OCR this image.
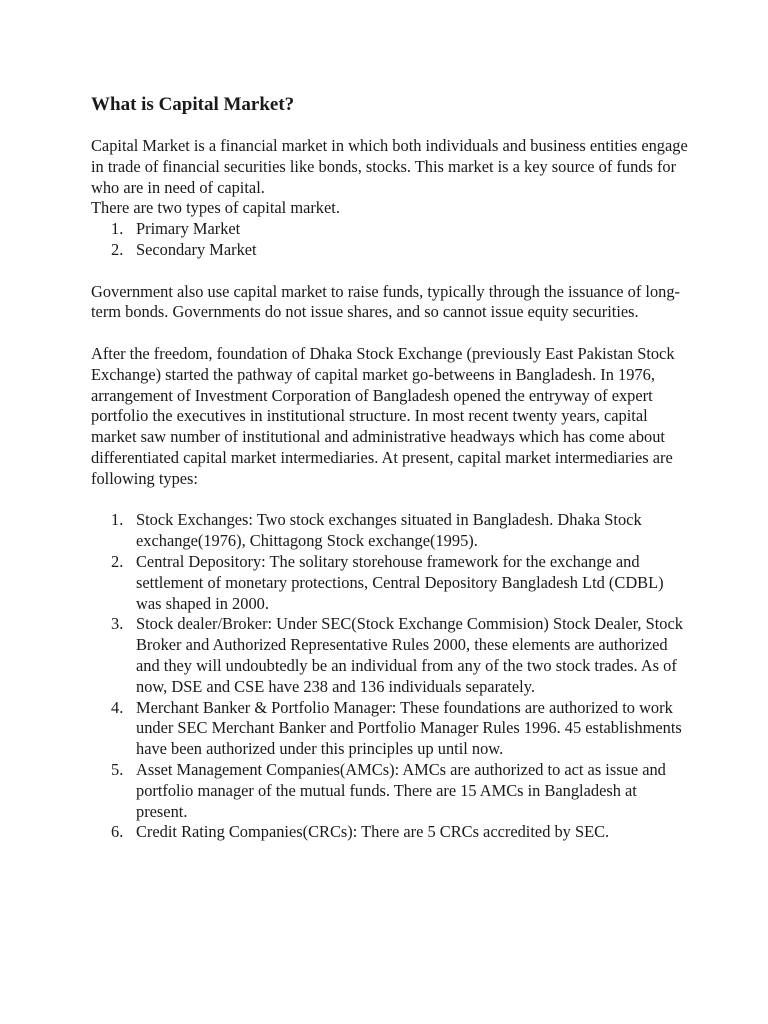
What is Capital Market?

Capital Market is a financial market in which both individuals and business entities engage in trade of financial securities like bonds, stocks. This market is a key source of funds for who are in need of capital.

There are two types of capital market.

1. Primary Market
2. Secondary Market

Government also use capital market to raise funds, typically through the issuance of long-term bonds. Governments do not issue shares, and so cannot issue equity securities.

After the freedom, foundation of Dhaka Stock Exchange (previously East Pakistan Stock Exchange) started the pathway of capital market go-betweens in Bangladesh. In 1976, arrangement of Investment Corporation of Bangladesh opened the entryway of expert portfolio the executives in institutional structure. In most recent twenty years, capital market saw number of institutional and administrative headways which has come about differentiated capital market intermediaries. At present, capital market intermediaries are following types:

1. Stock Exchanges: Two stock exchanges situated in Bangladesh. Dhaka Stock exchange(1976), Chittagong Stock exchange(1995).
2. Central Depository: The solitary storehouse framework for the exchange and settlement of monetary protections, Central Depository Bangladesh Ltd (CDBL) was shaped in 2000.
3. Stock dealer/Broker: Under SEC(Stock Exchange Commision) Stock Dealer, Stock Broker and Authorized Representative Rules 2000, these elements are authorized and they will undoubtedly be an individual from any of the two stock trades. As of now, DSE and CSE have 238 and 136 individuals separately.
4. Merchant Banker & Portfolio Manager: These foundations are authorized to work under SEC Merchant Banker and Portfolio Manager Rules 1996. 45 establishments have been authorized under this principles up until now.
5. Asset Management Companies(AMCs): AMCs are authorized to act as issue and portfolio manager of the mutual funds. There are 15 AMCs in Bangladesh at present.
6. Credit Rating Companies(CRCs): There are 5 CRCs accredited by SEC.
